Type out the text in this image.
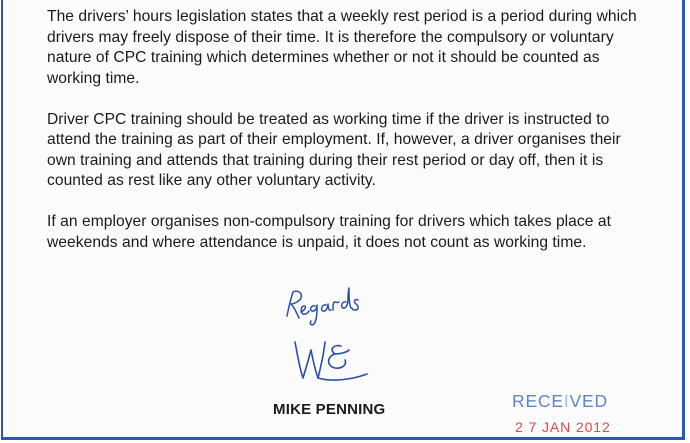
The drivers’ hours legislation states that a weekly rest period is a period during which drivers may freely dispose of their time. It is therefore the compulsory or voluntary nature of CPC training which determines whether or not it should be counted as working time.

Driver CPC training should be treated as working time if the driver is instructed to attend the training as part of their employment. If, however, a driver organises their own training and attends that training during their rest period or day off, then it is counted as rest like any other voluntary activity.

If an employer organises non-compulsory training for drivers which takes place at weekends and where attendance is unpaid, it does not count as working time.

MIKE PENNING	RECEIVED
2 7 JAN 2012
